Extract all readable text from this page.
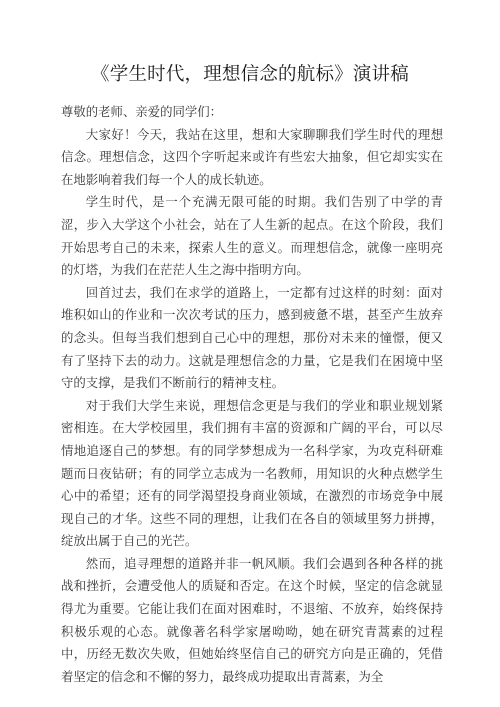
《学生时代，理想信念的航标》演讲稿

尊敬的老师、亲爱的同学们：

大家好！今天，我站在这里，想和大家聊聊我们学生时代的理想信念。理想信念，这四个字听起来或许有些宏大抽象，但它却实实在在地影响着我们每一个人的成长轨迹。

学生时代，是一个充满无限可能的时期。我们告别了中学的青涩，步入大学这个小社会，站在了人生新的起点。在这个阶段，我们开始思考自己的未来，探索人生的意义。而理想信念，就像一座明亮的灯塔，为我们在茫茫人生之海中指明方向。

回首过去，我们在求学的道路上，一定都有过这样的时刻：面对堆积如山的作业和一次次考试的压力，感到疲惫不堪，甚至产生放弃的念头。但每当我们想到自己心中的理想，那份对未来的憧憬，便又有了坚持下去的动力。这就是理想信念的力量，它是我们在困境中坚守的支撑，是我们不断前行的精神支柱。

对于我们大学生来说，理想信念更是与我们的学业和职业规划紧密相连。在大学校园里，我们拥有丰富的资源和广阔的平台，可以尽情地追逐自己的梦想。有的同学梦想成为一名科学家，为攻克科研难题而日夜钻研；有的同学立志成为一名教师，用知识的火种点燃学生心中的希望；还有的同学渴望投身商业领域，在激烈的市场竞争中展现自己的才华。这些不同的理想，让我们在各自的领域里努力拼搏，绽放出属于自己的光芒。

然而，追寻理想的道路并非一帆风顺。我们会遇到各种各样的挑战和挫折，会遭受他人的质疑和否定。在这个时候，坚定的信念就显得尤为重要。它能让我们在面对困难时，不退缩、不放弃，始终保持积极乐观的心态。就像著名科学家屠呦呦，她在研究青蒿素的过程中，历经无数次失败，但她始终坚信自己的研究方向是正确的，凭借着坚定的信念和不懈的努力，最终成功提取出青蒿素，为全
